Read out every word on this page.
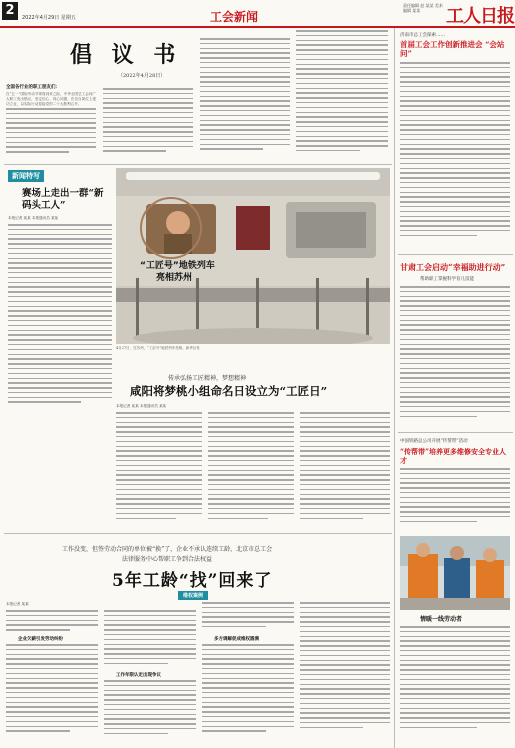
2	2022年4月29日 星期五	工会新闻
责任编辑 赵 某某 美术编辑 某某	工人日报
倡 议 书
（2022年4月28日）
全国各行业的职工朋友们：
在“五一”国际劳动节即将到来之际，中华全国总工会向广大职工发出倡议，坚定信心、同心同德，在各自岗位上建功立业，以实际行动迎接党的二十大胜利召开。
新闻特写
赛场上走出一群“新码头工人”
本报记者 某某 本报通讯员 某某
“工匠号”地铁列车
亮相苏州
4月27日，在苏州，“工匠号”地铁列车亮相。新华社发
传承弘扬工匠精神，梦想精神
咸阳将梦桃小组命名日设立为“工匠日”
本报记者 某某 本报通讯员 某某
济南市总工会探索……
首届工会工作创新推进会 “会站问”
甘肃工会启动“幸福助进行动”
帮助职工掌握科学育儿技能
中国铁路总公司开展“传帮带”活动
“传帮带”培养更多维修安全专业人才
情暖一线劳动者
工作没变，但签劳动合同的单位被“换”了，企业不承认连续工龄，北京市总工会
法律服务中心帮职工争到合法权益
5年工龄“找”回来了
维权案例
本报记者 某某
企业欠薪引发劳动纠纷
工作年限认定出现争议
多方调解促成维权圆满
